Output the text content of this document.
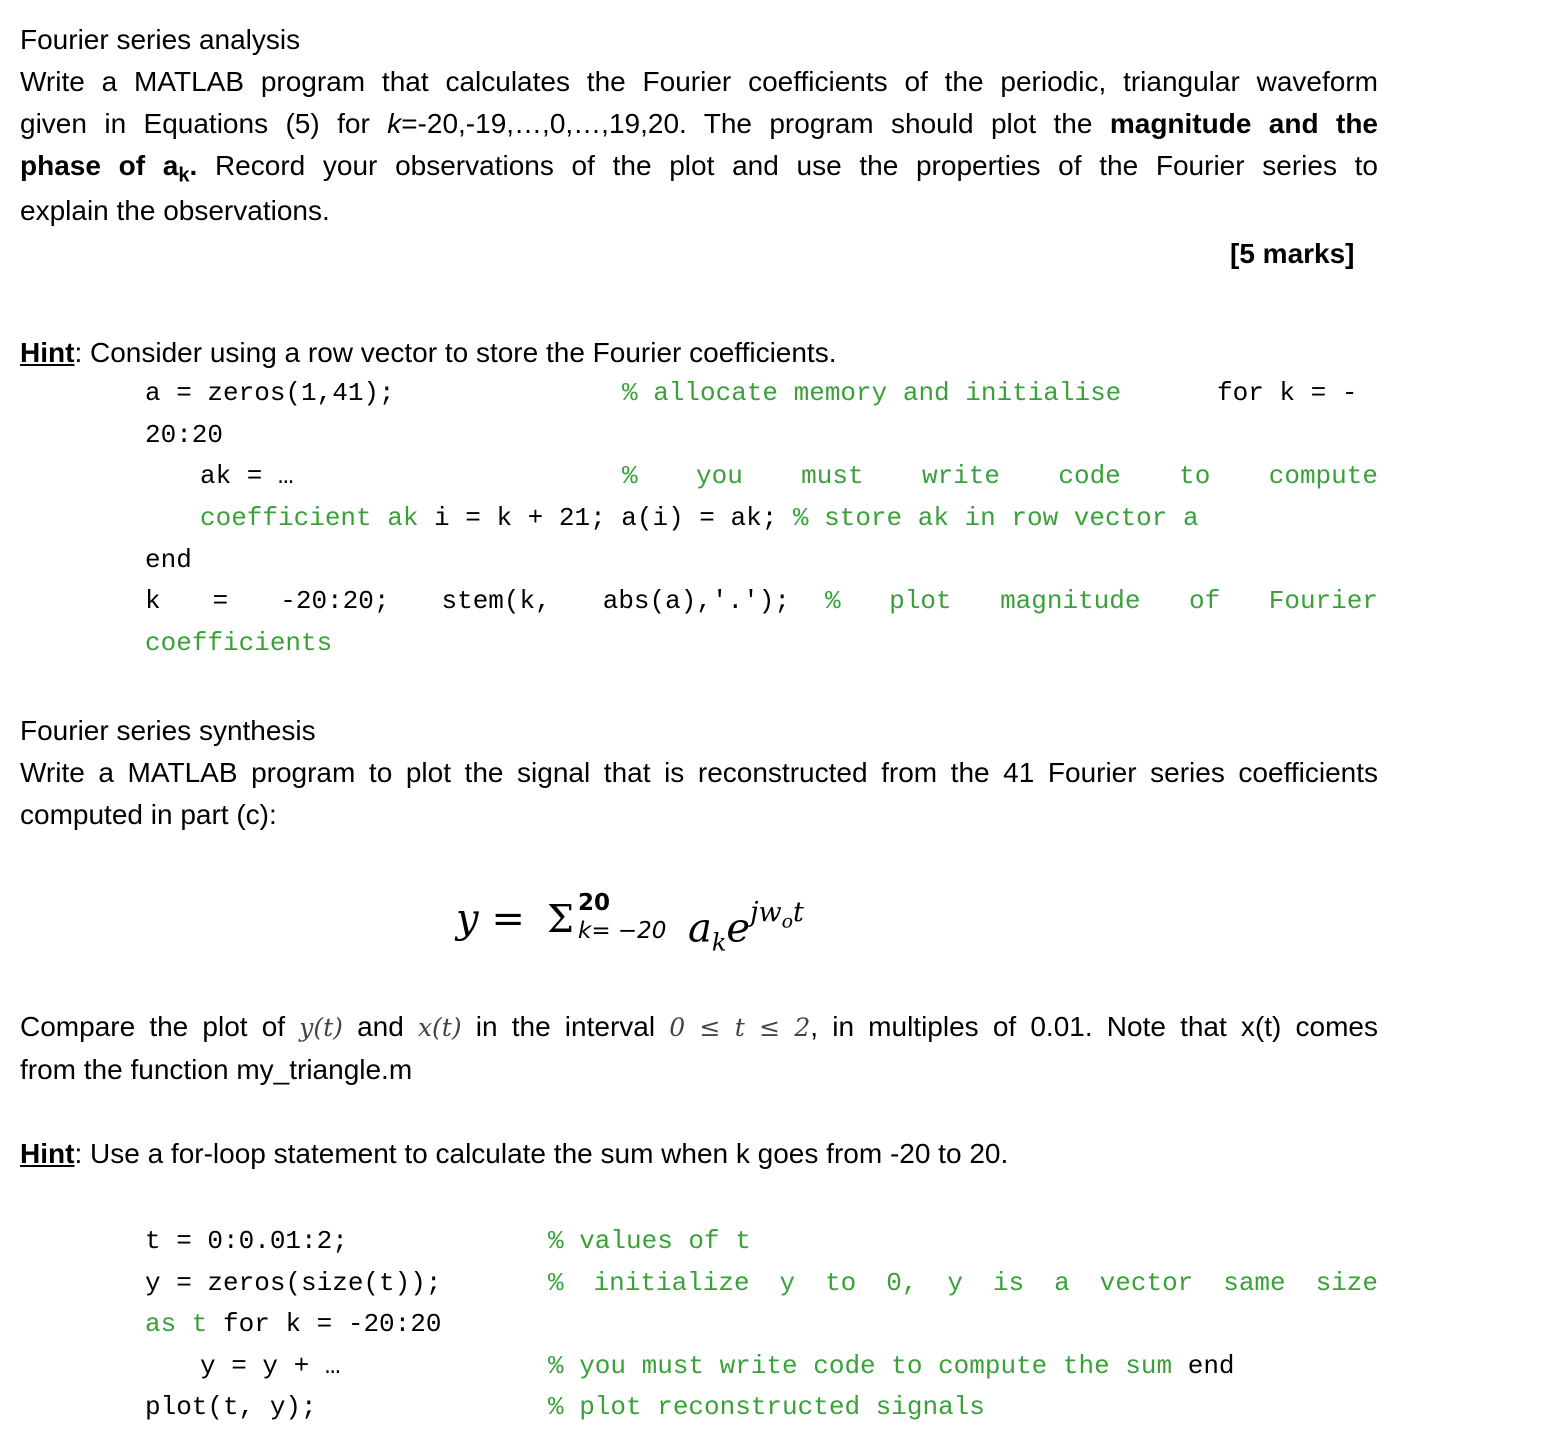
Fourier series analysis
Write a MATLAB program that calculates the Fourier coefficients of the periodic, triangular waveform
given in Equations (5) for k=-20,-19,…,0,…,19,20. The program should plot the magnitude and the
phase of $a_k$. Record your observations of the plot and use the properties of the Fourier series to
explain the observations.
[5 marks]
Hint: Consider using a row vector to store the Fourier coefficients.
a = zeros(1,41);	% allocate memory and initialise	for k = -
20:20
ak = …	% you must write code to compute
coefficient ak i = k + 21; a(i) = ak; % store ak in row vector a
end
k = -20:20; stem(k, abs(a),'.'); % plot magnitude of Fourier
coefficients
Fourier series synthesis
Write a MATLAB program to plot the signal that is reconstructed from the 41 Fourier series coefficients
computed in part (c):
y = Σ 20
k= −20 $a_ke^{jw_ot}$
Compare the plot of y(t) and x(t) in the interval 0 ≤ t ≤ 2, in multiples of 0.01. Note that x(t) comes
from the function my_triangle.m
Hint: Use a for-loop statement to calculate the sum when k goes from -20 to 20.
t = 0:0.01:2;	% values of t
y = zeros(size(t));	% initialize y to 0, y is a vector same size
as t for k = -20:20
y = y + …	% you must write code to compute the sum end
plot(t, y);	% plot reconstructed signals
